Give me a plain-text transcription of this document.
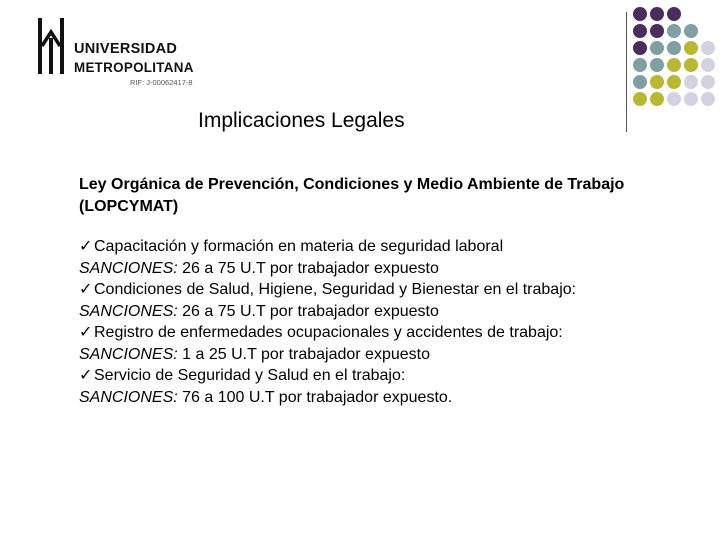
UNIVERSIDAD
METROPOLITANA
RIF: J-00062417-8
Implicaciones Legales
Ley Orgánica de Prevención, Condiciones y Medio Ambiente de Trabajo (LOPCYMAT)
✓Capacitación y formación en materia de seguridad laboral
SANCIONES: 26 a 75 U.T por trabajador expuesto
✓Condiciones de Salud, Higiene, Seguridad y Bienestar en el trabajo:
SANCIONES: 26 a 75 U.T por trabajador expuesto
✓Registro de enfermedades ocupacionales y accidentes de trabajo:
SANCIONES: 1 a 25 U.T por trabajador expuesto
✓Servicio de Seguridad y Salud en el trabajo:
SANCIONES: 76 a 100 U.T por trabajador expuesto.
